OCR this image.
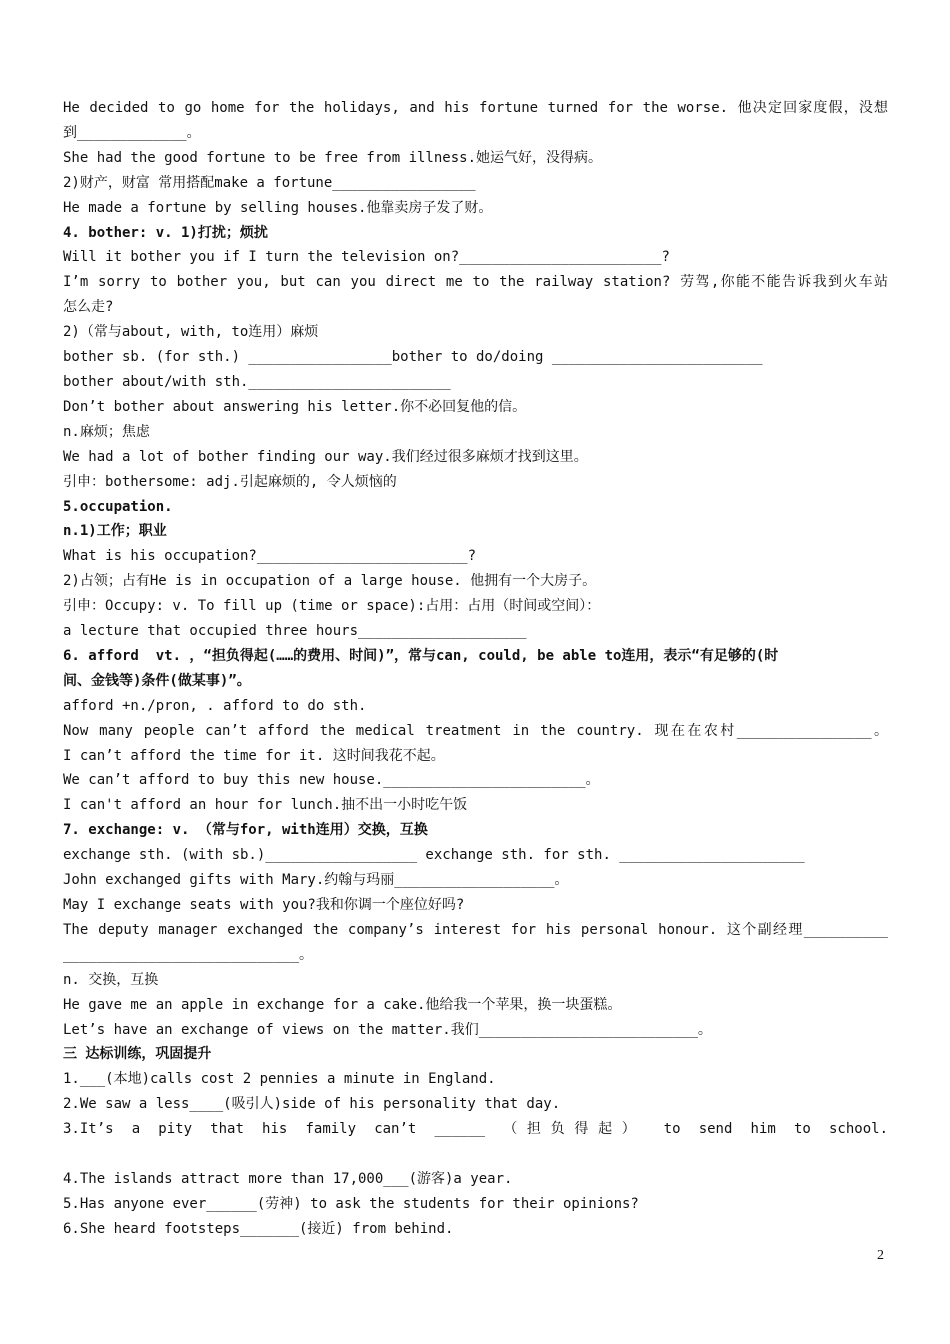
He decided to go home for the holidays, and his fortune turned for the worse. 他决定回家度假，没想

到_____________。

She had the good fortune to be free from illness.她运气好，没得病。

2)财产，财富 常用搭配make a fortune_________________

He made a fortune by selling houses.他靠卖房子发了财。

4. bother: v. 1)打扰；烦扰

Will it bother you if I turn the television on?________________________?

I’m sorry to bother you, but can you direct me to the railway station? 劳驾,你能不能告诉我到火车站

怎么走?

2)（常与about, with, to连用）麻烦

bother sb. (for sth.) _________________bother to do/doing _________________________

bother about/with sth.________________________

Don’t bother about answering his letter.你不必回复他的信。

n.麻烦；焦虑

We had a lot of bother finding our way.我们经过很多麻烦才找到这里。

引申：bothersome: adj.引起麻烦的, 令人烦恼的

5.occupation.

n.1)工作；职业

What is his occupation?_________________________?

2)占领；占有He is in occupation of a large house. 他拥有一个大房子。

引申：Occupy: v. To fill up (time or space):占用：占用（时间或空间）：

a lecture that occupied three hours____________________

6. afford  vt. ，“担负得起(……的费用、时间)”，常与can, could, be able to连用，表示“有足够的(时

间、金钱等)条件(做某事)”。

afford +n./pron, . afford to do sth.

Now many people can’t afford the medical treatment in the country. 现在在农村________________。

I can’t afford the time for it. 这时间我花不起。

We can’t afford to buy this new house.________________________。

I can't afford an hour for lunch.抽不出一小时吃午饭

7. exchange: v. （常与for, with连用）交换，互换

exchange sth. (with sb.)__________________ exchange sth. for sth. ______________________

John exchanged gifts with Mary.约翰与玛丽___________________。

May I exchange seats with you?我和你调一个座位好吗?

The deputy manager exchanged the company’s interest for his personal honour. 这个副经理__________

____________________________。

n. 交换，互换

He gave me an apple in exchange for a cake.他给我一个苹果，换一块蛋糕。

Let’s have an exchange of views on the matter.我们__________________________。

三 达标训练，巩固提升

1.___(本地)calls cost 2 pennies a minute in England.

2.We saw a less____(吸引人)side of his personality that day.

3.It’s a pity that his family can’t ______ （担负得起） to send him to school.

4.The islands attract more than 17,000___(游客)a year.

5.Has anyone ever______(劳神) to ask the students for their opinions?

6.She heard footsteps_______(接近) from behind.

2
